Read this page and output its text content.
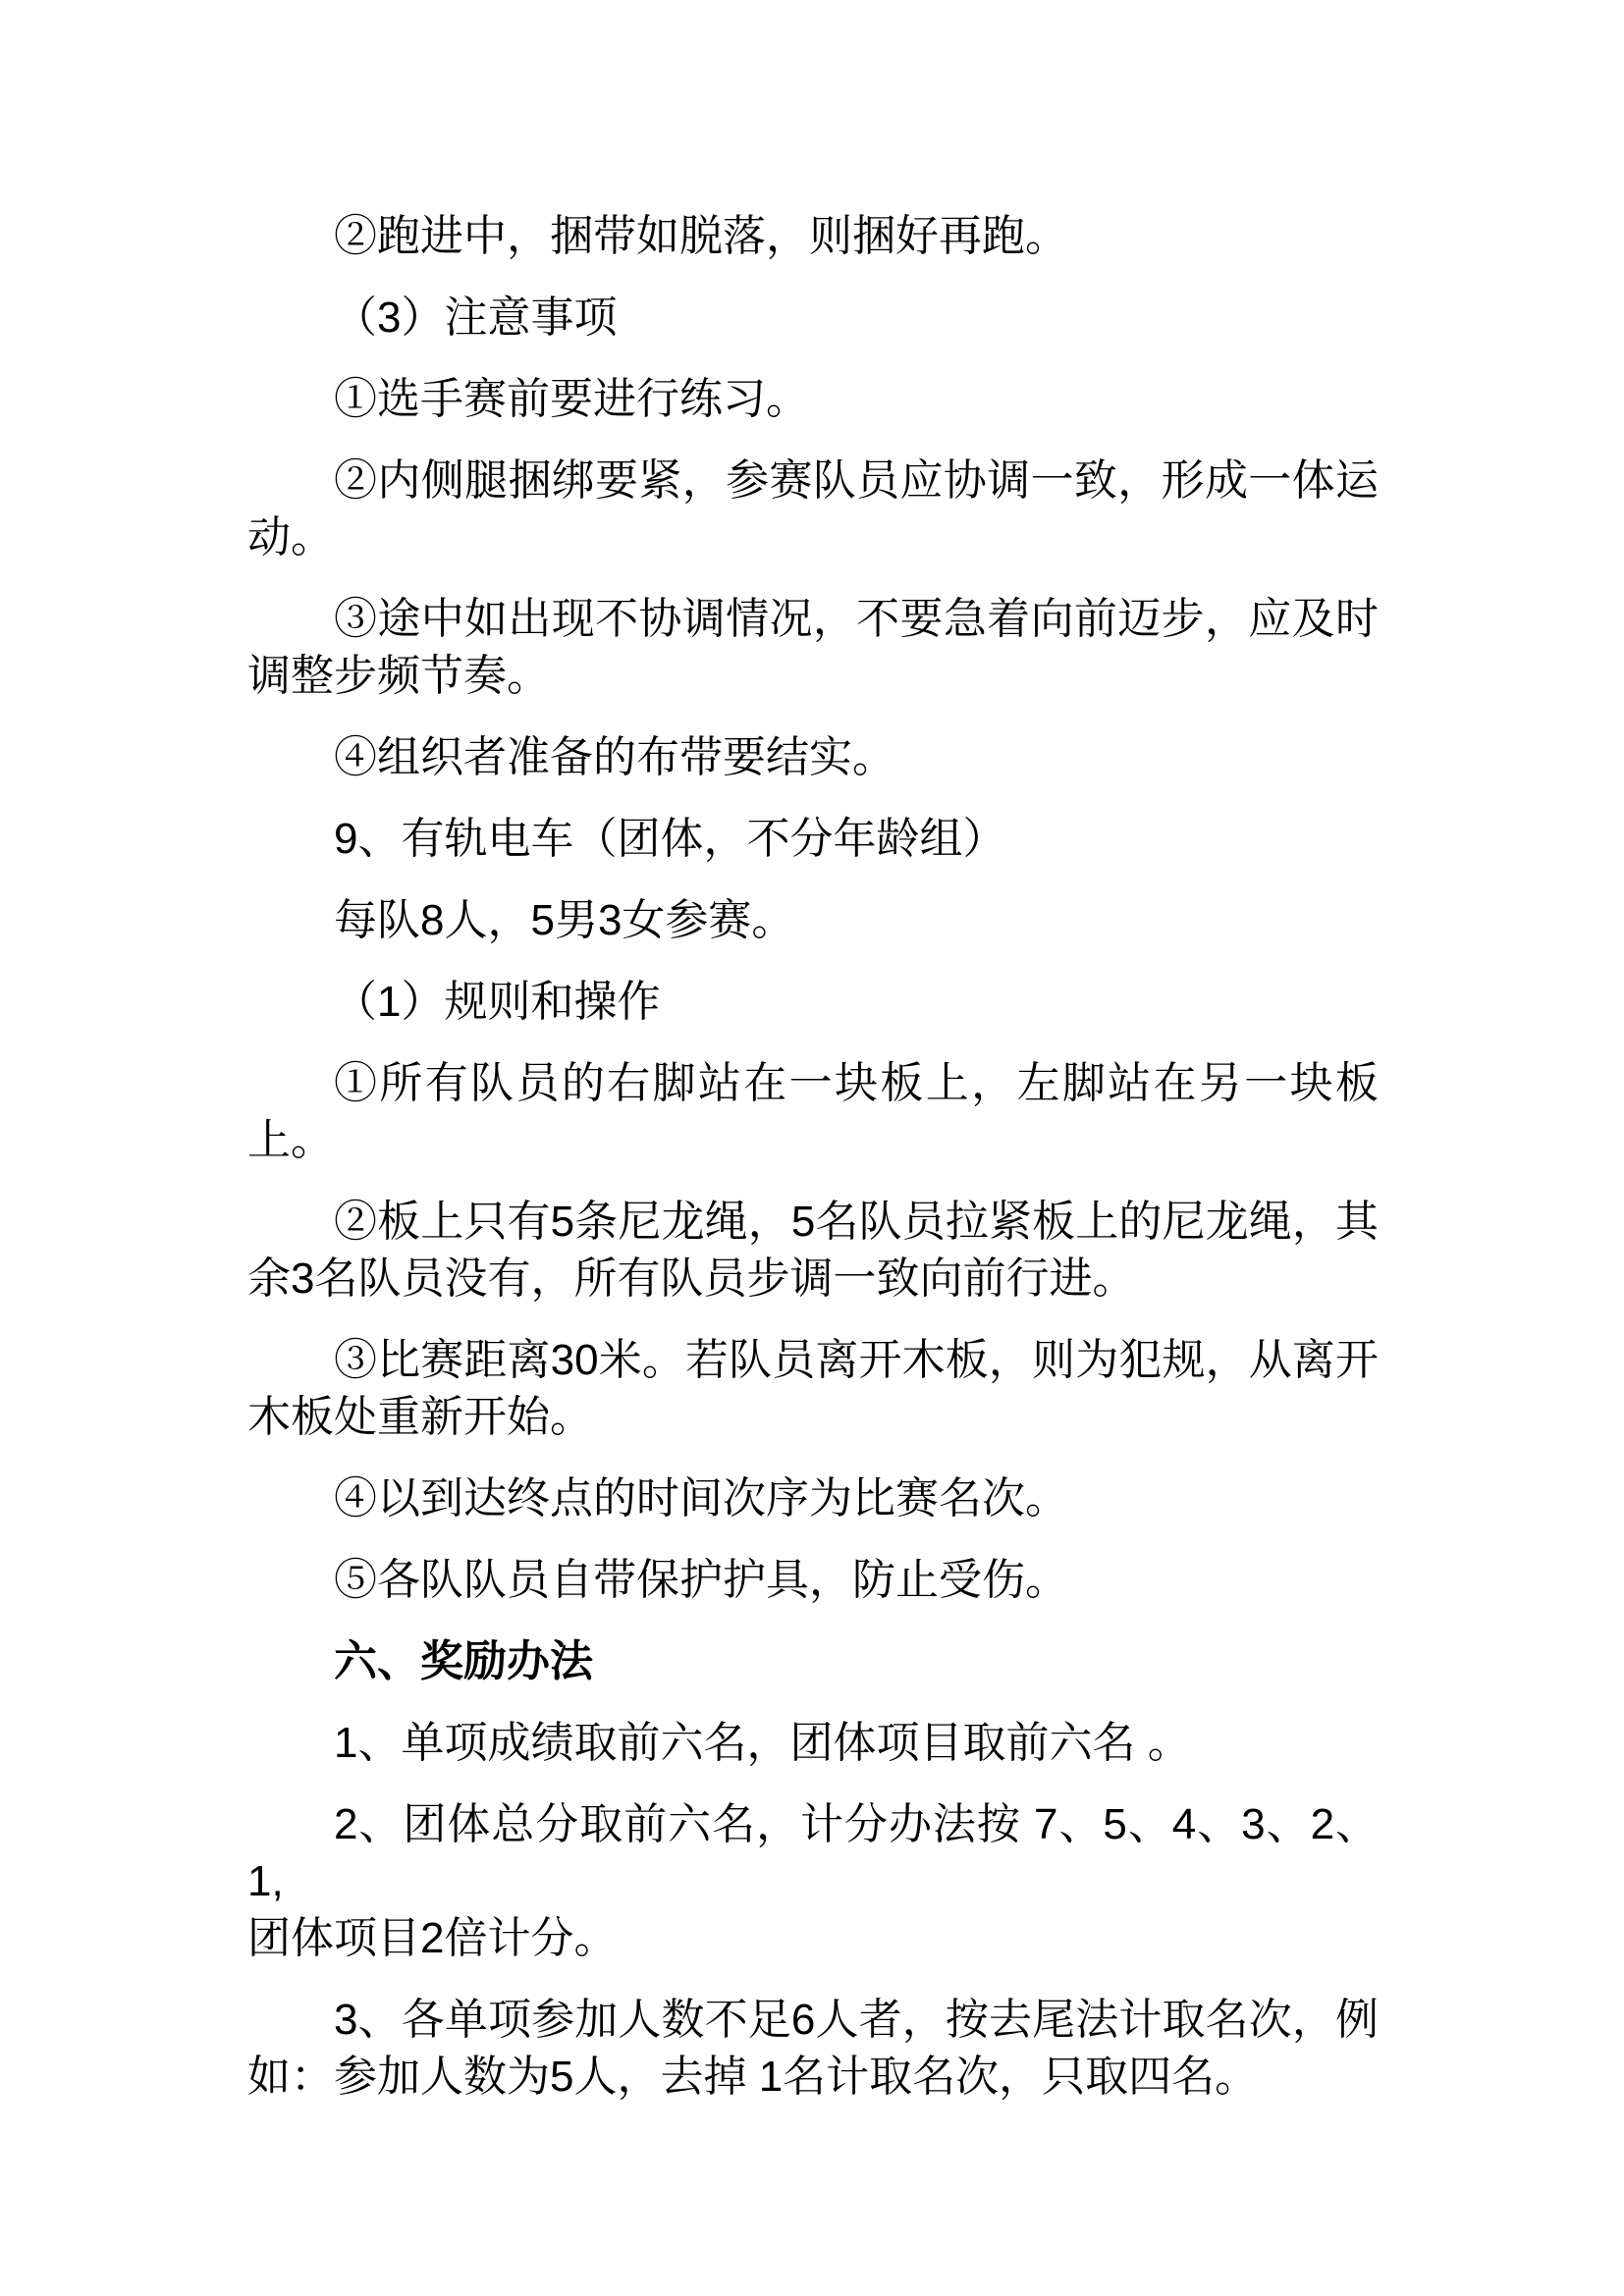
②跑进中，捆带如脱落，则捆好再跑。
（3）注意事项
①选手赛前要进行练习。
②内侧腿捆绑要紧，参赛队员应协调一致，形成一体运
动。
③途中如出现不协调情况，不要急着向前迈步，应及时
调整步频节奏。
④组织者准备的布带要结实。
9、有轨电车（团体，不分年龄组）
每队8人，5男3女参赛。
（1）规则和操作
①所有队员的右脚站在一块板上，左脚站在另一块板
上。
②板上只有5条尼龙绳，5名队员拉紧板上的尼龙绳，其
余3名队员没有，所有队员步调一致向前行进。
③比赛距离30米。若队员离开木板，则为犯规，从离开
木板处重新开始。
④以到达终点的时间次序为比赛名次。
⑤各队队员自带保护护具，防止受伤。
六、奖励办法
1、单项成绩取前六名，团体项目取前六名 。
2、团体总分取前六名，计分办法按 7、5、4、3、2、1,
团体项目2倍计分。
3、各单项参加人数不足6人者，按去尾法计取名次，例
如：参加人数为5人，去掉 1名计取名次，只取四名。
